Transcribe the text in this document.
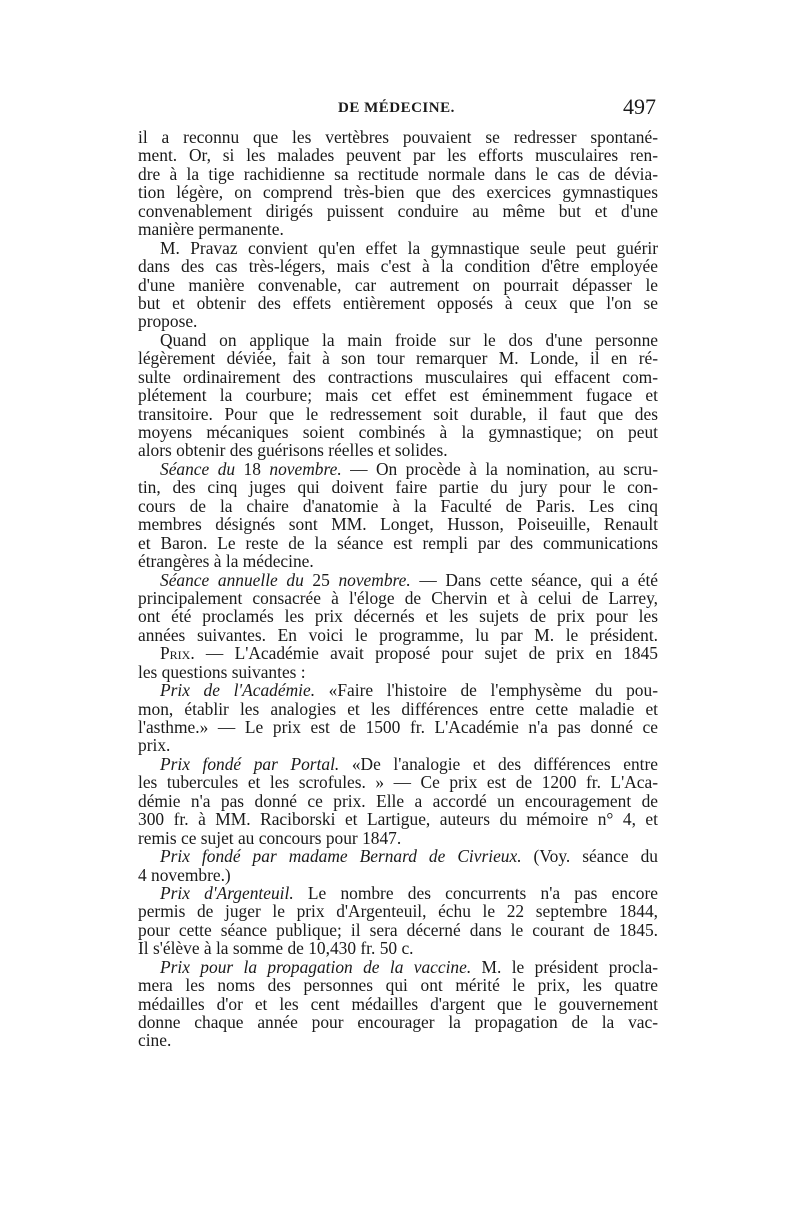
DE MÉDECINE.	497
il a reconnu que les vertèbres pouvaient se redresser spontané-
ment. Or, si les malades peuvent par les efforts musculaires ren-
dre à la tige rachidienne sa rectitude normale dans le cas de dévia-
tion légère, on comprend très-bien que des exercices gymnastiques
convenablement dirigés puissent conduire au même but et d'une
manière permanente.
M. Pravaz convient qu'en effet la gymnastique seule peut guérir
dans des cas très-légers, mais c'est à la condition d'être employée
d'une manière convenable, car autrement on pourrait dépasser le
but et obtenir des effets entièrement opposés à ceux que l'on se
propose.
Quand on applique la main froide sur le dos d'une personne
légèrement déviée, fait à son tour remarquer M. Londe, il en ré-
sulte ordinairement des contractions musculaires qui effacent com-
plétement la courbure; mais cet effet est éminemment fugace et
transitoire. Pour que le redressement soit durable, il faut que des
moyens mécaniques soient combinés à la gymnastique; on peut
alors obtenir des guérisons réelles et solides.
Séance du 18 novembre. — On procède à la nomination, au scru-
tin, des cinq juges qui doivent faire partie du jury pour le con-
cours de la chaire d'anatomie à la Faculté de Paris. Les cinq
membres désignés sont MM. Longet, Husson, Poiseuille, Renault
et Baron. Le reste de la séance est rempli par des communications
étrangères à la médecine.
Séance annuelle du 25 novembre. — Dans cette séance, qui a été
principalement consacrée à l'éloge de Chervin et à celui de Larrey,
ont été proclamés les prix décernés et les sujets de prix pour les
années suivantes. En voici le programme, lu par M. le président.
Prix. — L'Académie avait proposé pour sujet de prix en 1845
les questions suivantes :
Prix de l'Académie. «Faire l'histoire de l'emphysème du pou-
mon, établir les analogies et les différences entre cette maladie et
l'asthme.» — Le prix est de 1500 fr. L'Académie n'a pas donné ce
prix.
Prix fondé par Portal. «De l'analogie et des différences entre
les tubercules et les scrofules. » — Ce prix est de 1200 fr. L'Aca-
démie n'a pas donné ce prix. Elle a accordé un encouragement de
300 fr. à MM. Raciborski et Lartigue, auteurs du mémoire n° 4, et
remis ce sujet au concours pour 1847.
Prix fondé par madame Bernard de Civrieux. (Voy. séance du
4 novembre.)
Prix d'Argenteuil. Le nombre des concurrents n'a pas encore
permis de juger le prix d'Argenteuil, échu le 22 septembre 1844,
pour cette séance publique; il sera décerné dans le courant de 1845.
Il s'élève à la somme de 10,430 fr. 50 c.
Prix pour la propagation de la vaccine. M. le président procla-
mera les noms des personnes qui ont mérité le prix, les quatre
médailles d'or et les cent médailles d'argent que le gouvernement
donne chaque année pour encourager la propagation de la vac-
cine.
